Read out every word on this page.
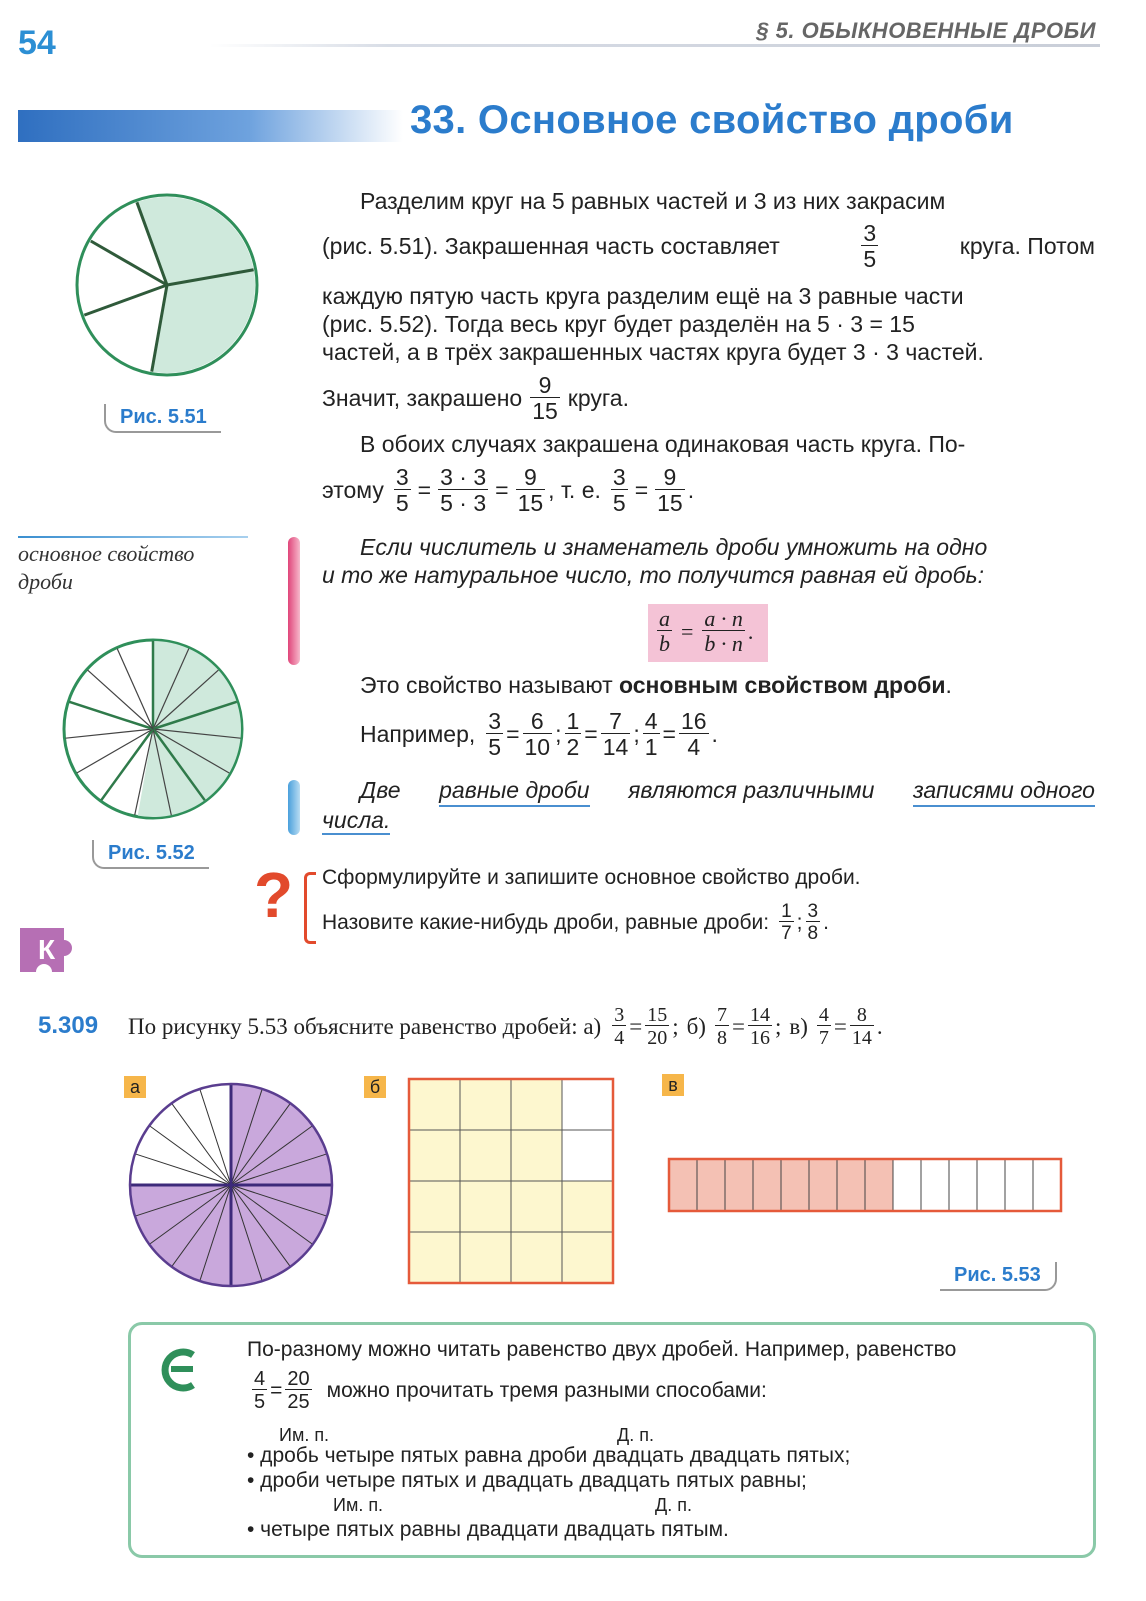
54	§ 5. ОБЫКНОВЕННЫЕ ДРОБИ
33. Основное свойство дроби
Рис. 5.51
Рис. 5.52
основное свойство дроби
Разделим круг на 5 равных частей и 3 из них закрасим
(рис. 5.51). Закрашенная часть составляет	$\frac{3}{5}$	круга. Потом
каждую пятую часть круга разделим ещё на 3 равные части
(рис. 5.52). Тогда весь круг будет разделён на 5 · 3 = 15
частей, а в трёх закрашенных частях круга будет 3 · 3 частей.
Значит, закрашено $\frac{9}{15}$ круга.
В обоих случаях закрашена одинаковая часть круга. По-
этому $\frac{3}{5} = \frac{3 \cdot 3}{5 \cdot 3} = \frac{9}{15}$ , т. е. $\frac{3}{5} = \frac{9}{15}$ .
Если числитель и знаменатель дроби умножить на одно
и то же натуральное число, то получится равная ей дробь:
$\frac{a}{b} = \frac{a \cdot n}{b \cdot n}$ .
Это свойство называют основным свойством дроби.
Например, $\frac{3}{5} = \frac{6}{10}$ ; $\frac{1}{2} = \frac{7}{14}$ ; $\frac{4}{1} = \frac{16}{4}$ .
Две равные дроби являются различными записями одного
числа.
? Сформулируйте и запишите основное свойство дроби.
Назовите какие-нибудь дроби, равные дроби: $\frac{1}{7}$ ; $\frac{3}{8}$ .
К
5.309 По рисунку 5.53 объясните равенство дробей: $а) \frac{3}{4} = \frac{15}{20}$ ; $б) \frac{7}{8} = \frac{14}{16}$ ; $в) \frac{4}{7} = \frac{8}{14}$ .
а	б	в
Рис. 5.53
По-разному можно читать равенство двух дробей. Например, равенство
$\frac{4}{5} = \frac{20}{25}$ можно прочитать тремя разными способами:
Им. п.	Д. п.
• дробь четыре пятых равна дроби двадцать двадцать пятых;
• дроби четыре пятых и двадцать двадцать пятых равны;
Им. п.	Д. п.
• четыре пятых равны двадцати двадцать пятым.
